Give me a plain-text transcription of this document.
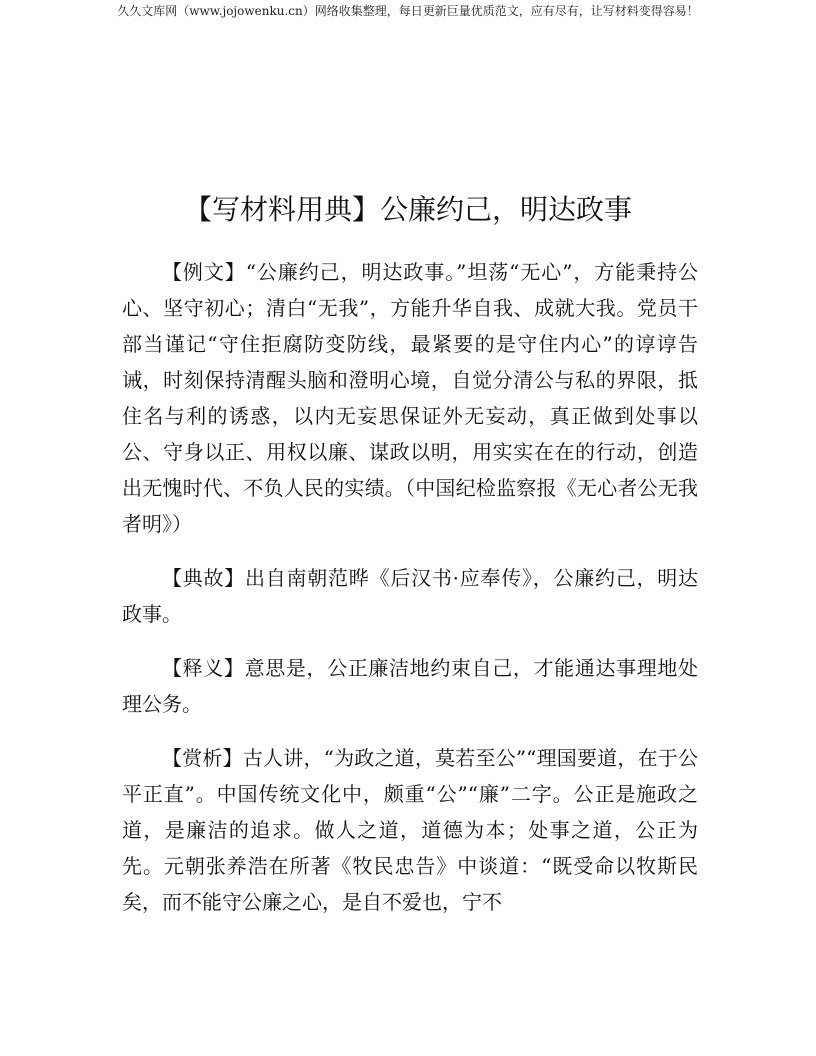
久久文库网（www.jojowenku.cn）网络收集整理，每日更新巨量优质范文，应有尽有，让写材料变得容易！
【写材料用典】公廉约己，明达政事

【例文】“公廉约己，明达政事。”坦荡“无心”，方能秉持公心、坚守初心；清白“无我”，方能升华自我、成就大我。党员干部当谨记“守住拒腐防变防线，最紧要的是守住内心”的谆谆告诫，时刻保持清醒头脑和澄明心境，自觉分清公与私的界限，抵住名与利的诱惑，以内无妄思保证外无妄动，真正做到处事以公、守身以正、用权以廉、谋政以明，用实实在在的行动，创造出无愧时代、不负人民的实绩。（中国纪检监察报《无心者公无我者明》）

【典故】出自南朝范晔《后汉书·应奉传》，公廉约己，明达政事。

【释义】意思是，公正廉洁地约束自己，才能通达事理地处理公务。

【赏析】古人讲，“为政之道，莫若至公”“理国要道，在于公平正直”。中国传统文化中，颇重“公”“廉”二字。公正是施政之道，是廉洁的追求。做人之道，道德为本；处事之道，公正为先。元朝张养浩在所著《牧民忠告》中谈道：“既受命以牧斯民矣，而不能守公廉之心，是自不爱也，宁不
